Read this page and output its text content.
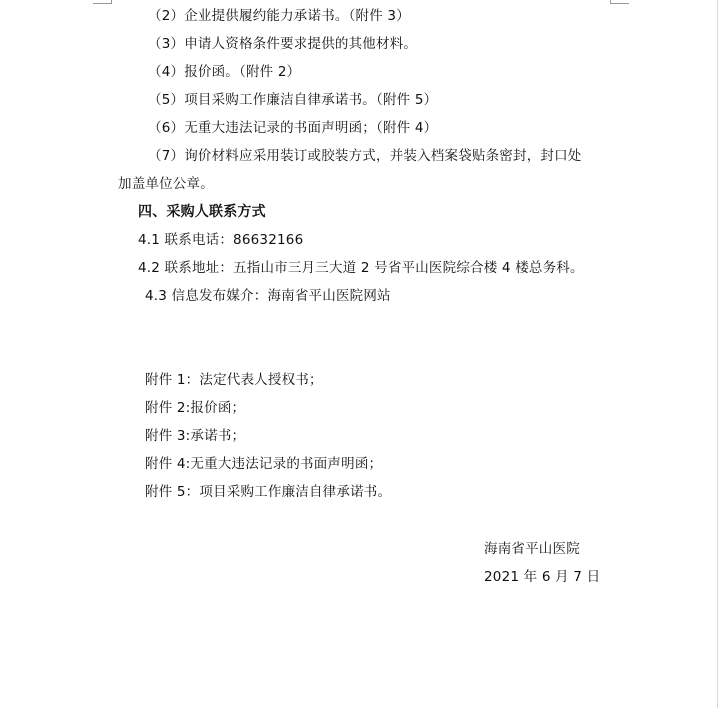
（2）企业提供履约能力承诺书。（附件 3）
（3）申请人资格条件要求提供的其他材料。
（4）报价函。（附件 2）
（5）项目采购工作廉洁自律承诺书。（附件 5）
（6）无重大违法记录的书面声明函；（附件 4）
（7）询价材料应采用装订或胶装方式，并装入档案袋贴条密封，封口处
加盖单位公章。
四、采购人联系方式
4.1 联系电话：86632166
4.2 联系地址：五指山市三月三大道 2 号省平山医院综合楼 4 楼总务科。
4.3 信息发布媒介：海南省平山医院网站
附件 1：法定代表人授权书；
附件 2:报价函；
附件 3:承诺书；
附件 4:无重大违法记录的书面声明函；
附件 5：项目采购工作廉洁自律承诺书。
海南省平山医院
2021 年 6 月 7 日
